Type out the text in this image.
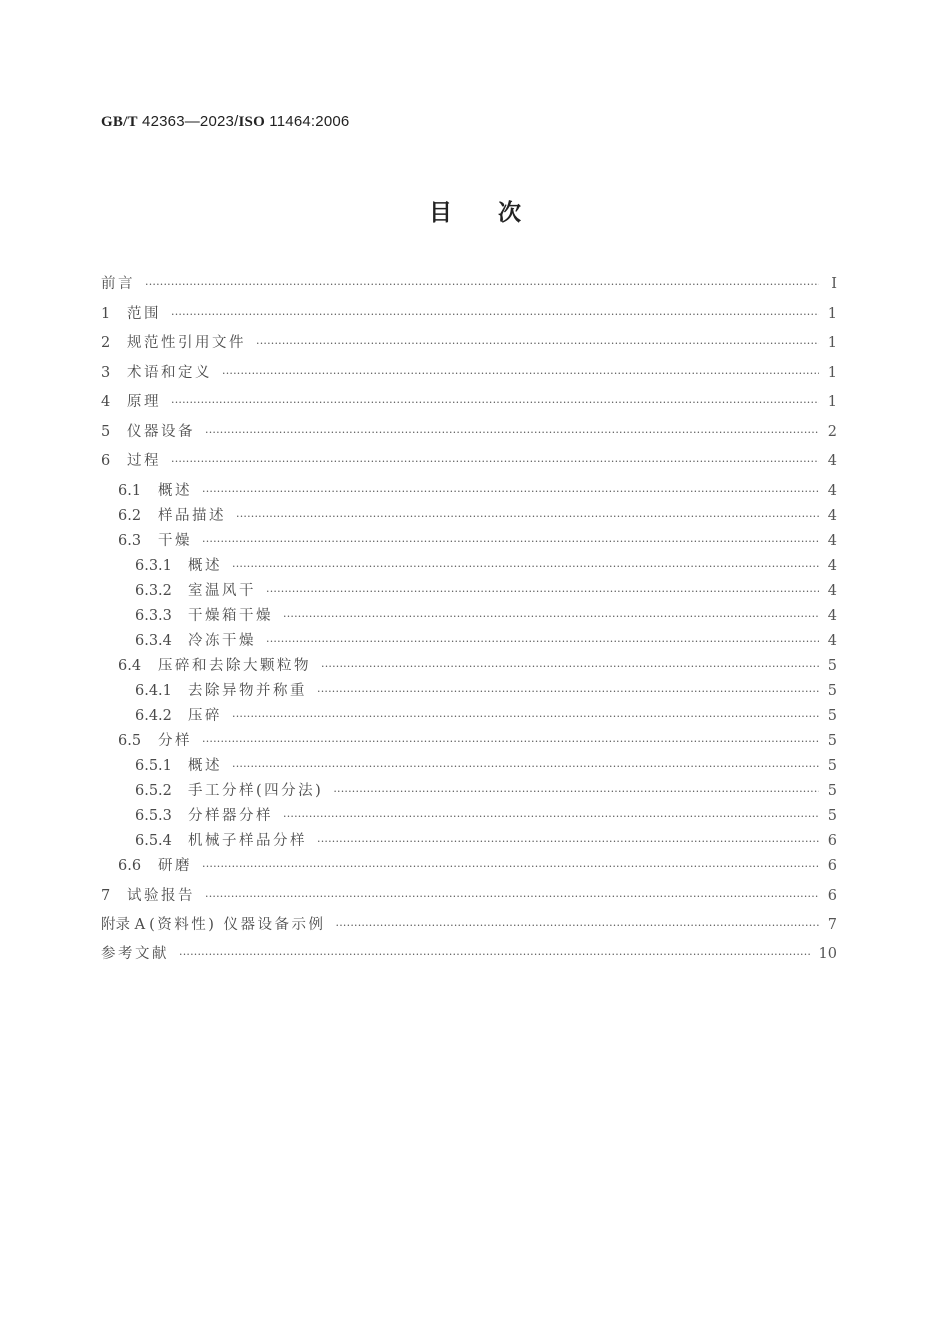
GB/T 42363—2023/ISO 11464:2006
目次
前言 ·····	I
1	范围 ·····	1
2	规范性引用文件 ·····	1
3	术语和定义 ·····	1
4	原理 ·····	1
5	仪器设备 ·····	2
6	过程 ·····	4
6.1	概述 ·····	4
6.2	样品描述 ·····	4
6.3	干燥 ·····	4
6.3.1	概述 ·····	4
6.3.2	室温风干 ·····	4
6.3.3	干燥箱干燥 ·····	4
6.3.4	冷冻干燥 ·····	4
6.4	压碎和去除大颗粒物 ·····	5
6.4.1	去除异物并称重 ·····	5
6.4.2	压碎 ·····	5
6.5	分样 ·····	5
6.5.1	概述 ·····	5
6.5.2	手工分样(四分法) ·····	5
6.5.3	分样器分样 ·····	5
6.5.4	机械子样品分样 ·····	6
6.6	研磨 ·····	6
7	试验报告 ·····	6
附录 A (资料性) 仪器设备示例 ·····	7
参考文献 ·····	10
